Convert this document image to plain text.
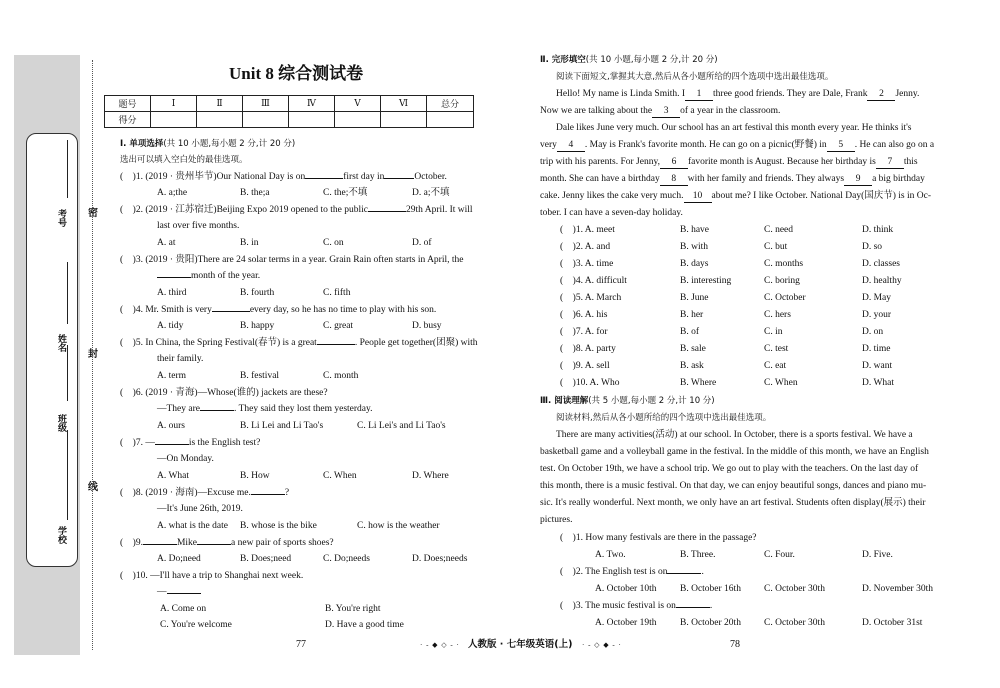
考号
姓名
班级
学校
密
封
线
Unit 8 综合测试卷
题号	Ⅰ	Ⅱ	Ⅲ	Ⅳ	Ⅴ	Ⅵ	总分
得分							
Ⅰ. 单项选择(共 10 小题,每小题 2 分,计 20 分)
选出可以填入空白处的最佳选项。
(    )1. (2019 · 贵州毕节)Our National Day is on	first day in	October.
A. a;the	B. the;a	C. the;不填	D. a;不填
(    )2. (2019 · 江苏宿迁)Beijing Expo 2019 opened to the public	29th April. It will
last over five months.
A. at	B. in	C. on	D. of
(    )3. (2019 · 贵阳)There are 24 solar terms in a year. Grain Rain often starts in April, the
month of the year.
A. third	B. fourth	C. fifth
(    )4. Mr. Smith is very	every day, so he has no time to play with his son.
A. tidy	B. happy	C. great	D. busy
(    )5. In China, the Spring Festival(春节) is a great	. People get together(团聚) with
their family.
A. term	B. festival	C. month
(    )6. (2019 · 青海)—Whose(谁的) jackets are these?
—They are	. They said they lost them yesterday.
A. ours	B. Li Lei and Li Tao's	C. Li Lei's and Li Tao's
(    )7. —	is the English test?
—On Monday.
A. What	B. How	C. When	D. Where
(    )8. (2019 · 海南)—Excuse me.	?
—It's June 26th, 2019.
A. what is the date B. whose is the bike	C. how is the weather
(    )9.	Mike	a new pair of sports shoes?
A. Do;need	B. Does;need	C. Do;needs	D. Does;needs
(    )10. —I'll have a trip to Shanghai next week.
—
A. Come on	B. You're right
C. You're welcome	D. Have a good time
Ⅱ. 完形填空(共 10 小题,每小题 2 分,计 20 分)
阅读下面短文,掌握其大意,然后从各小题所给的四个选项中选出最佳选项。
Hello! My name is Linda Smith. I 1 three good friends. They are Dale, Frank 2 Jenny.
Now we are talking about the 3 of a year in the classroom.
Dale likes June very much. Our school has an art festival this month every year. He thinks it's
very 4 . May is Frank's favorite month. He can go on a picnic(野餐) in 5 . He can also go on a
trip with his parents. For Jenny, 6 favorite month is August. Because her birthday is 7 this
month. She can have a birthday 8 with her family and friends. They always 9 a big birthday
cake. Jenny likes the cake very much. 10 about me? I like October. National Day(国庆节) is in Oc-
tober. I can have a seven-day holiday.
(    )1. A. meet	B. have	C. need	D. think
(    )2. A. and	B. with	C. but	D. so
(    )3. A. time	B. days	C. months	D. classes
(    )4. A. difficult	B. interesting	C. boring	D. healthy
(    )5. A. March	B. June	C. October	D. May
(    )6. A. his	B. her	C. hers	D. your
(    )7. A. for	B. of	C. in	D. on
(    )8. A. party	B. sale	C. test	D. time
(    )9. A. sell	B. ask	C. eat	D. want
(    )10. A. Who	B. Where	C. When	D. What
Ⅲ. 阅读理解(共 5 小题,每小题 2 分,计 10 分)
阅读材料,然后从各小题所给的四个选项中选出最佳选项。
There are many activities(活动) at our school. In October, there is a sports festival. We have a
basketball game and a volleyball game in the festival. In the middle of this month, we have an English
test. On October 19th, we have a school trip. We go out to play with the teachers. On the last day of
this month, there is a music festival. On that day, we can enjoy beautiful songs, dances and piano mu-
sic. It's really wonderful. Next month, we only have an art festival. Students often display(展示) their
pictures.
(    )1. How many festivals are there in the passage?
A. Two.	B. Three.	C. Four.	D. Five.
(    )2. The English test is on	.
A. October 10th B. October 16th C. October 30th	D. November 30th
(    )3. The music festival is on	.
A. October 19th B. October 20th C. October 30th	D. October 31st
77	· - ◆ ◇ - · 人教版 · 七年级英语(上) · - ◇ ◆ - ·	78
